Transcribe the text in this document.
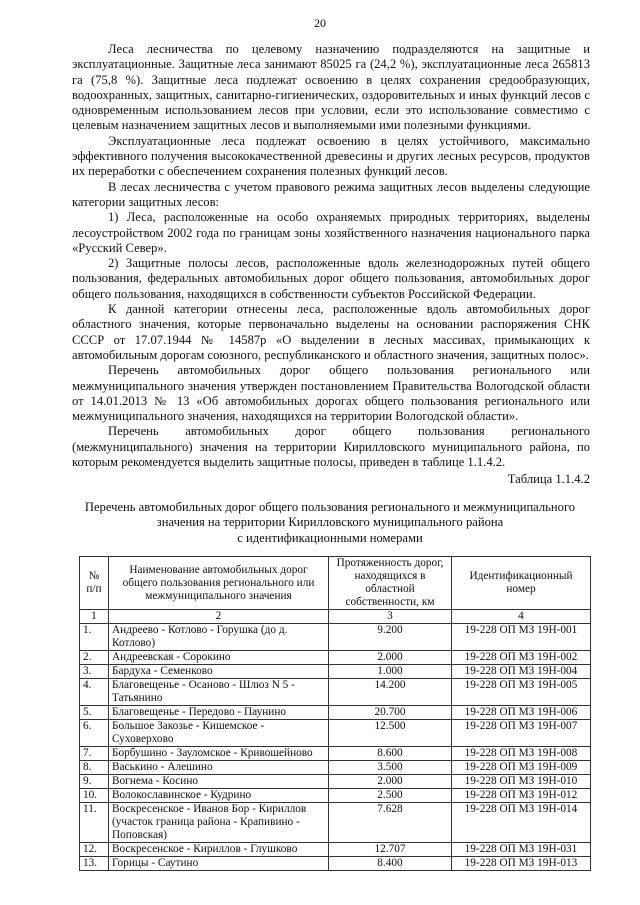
20

Леса лесничества по целевому назначению подразделяются на защитные и эксплуатационные. Защитные леса занимают 85025 га (24,2 %), эксплуатационные леса 265813 га (75,8 %). Защитные леса подлежат освоению в целях сохранения средообразующих, водоохранных, защитных, санитарно-гигиенических, оздоровительных и иных функций лесов с одновременным использованием лесов при условии, если это использование совместимо с целевым назначением защитных лесов и выполняемыми ими полезными функциями.

Эксплуатационные леса подлежат освоению в целях устойчивого, максимально эффективного получения высококачественной древесины и других лесных ресурсов, продуктов их переработки с обеспечением сохранения полезных функций лесов.

В лесах лесничества с учетом правового режима защитных лесов выделены следующие категории защитных лесов:

1) Леса, расположенные на особо охраняемых природных территориях, выделены лесоустройством 2002 года по границам зоны хозяйственного назначения национального парка «Русский Север».

2) Защитные полосы лесов, расположенные вдоль железнодорожных путей общего пользования, федеральных автомобильных дорог общего пользования, автомобильных дорог общего пользования, находящихся в собственности субъектов Российской Федерации.

К данной категории отнесены леса, расположенные вдоль автомобильных дорог областного значения, которые первоначально выделены на основании распоряжения СНК СССР от 17.07.1944 № 14587р «О выделении в лесных массивах, примыкающих к автомобильным дорогам союзного, республиканского и областного значения, защитных полос».

Перечень автомобильных дорог общего пользования регионального или межмуниципального значения утвержден постановлением Правительства Вологодской области от 14.01.2013 № 13 «Об автомобильных дорогах общего пользования регионального или межмуниципального значения, находящихся на территории Вологодской области».

Перечень автомобильных дорог общего пользования регионального (межмуниципального) значения на территории Кирилловского муниципального района, по которым рекомендуется выделить защитные полосы, приведен в таблице 1.1.4.2.

Таблица 1.1.4.2
Перечень автомобильных дорог общего пользования регионального и межмуниципального
значения на территории Кирилловского муниципального района
с идентификационными номерами
№ п/п	Наименование автомобильных дорог общего пользования регионального или межмуниципального значения	Протяженность дорог, находящихся в областной собственности, км	Идентификационный номер
1	2	3	4
1.	Андреево - Котлово - Горушка (до д. Котлово)	9.200	19-228 ОП МЗ 19Н-001
2.	Андреевская - Сорокино	2.000	19-228 ОП МЗ 19Н-002
3.	Бардуха - Семенково	1.000	19-228 ОП МЗ 19Н-004
4.	Благовещенье - Осаново - Шлюз N 5 - Татьянино	14.200	19-228 ОП МЗ 19Н-005
5.	Благовещенье - Передово - Паунино	20.700	19-228 ОП МЗ 19Н-006
6.	Большое Закозье - Кишемское - Суховерхово	12.500	19-228 ОП МЗ 19Н-007
7.	Борбушино - Зауломское - Кривошейново	8.600	19-228 ОП МЗ 19Н-008
8.	Васькино - Алешино	3.500	19-228 ОП МЗ 19Н-009
9.	Вогнема - Косино	2.000	19-228 ОП МЗ 19Н-010
10.	Волокославинское - Кудрино	2.500	19-228 ОП МЗ 19Н-012
11.	Воскресенское - Иванов Бор - Кириллов (участок граница района - Крапивино - Поповская)	7.628	19-228 ОП МЗ 19Н-014
12.	Воскресенское - Кириллов - Глушково	12.707	19-228 ОП МЗ 19Н-031
13.	Горицы - Саутино	8.400	19-228 ОП МЗ 19Н-013
